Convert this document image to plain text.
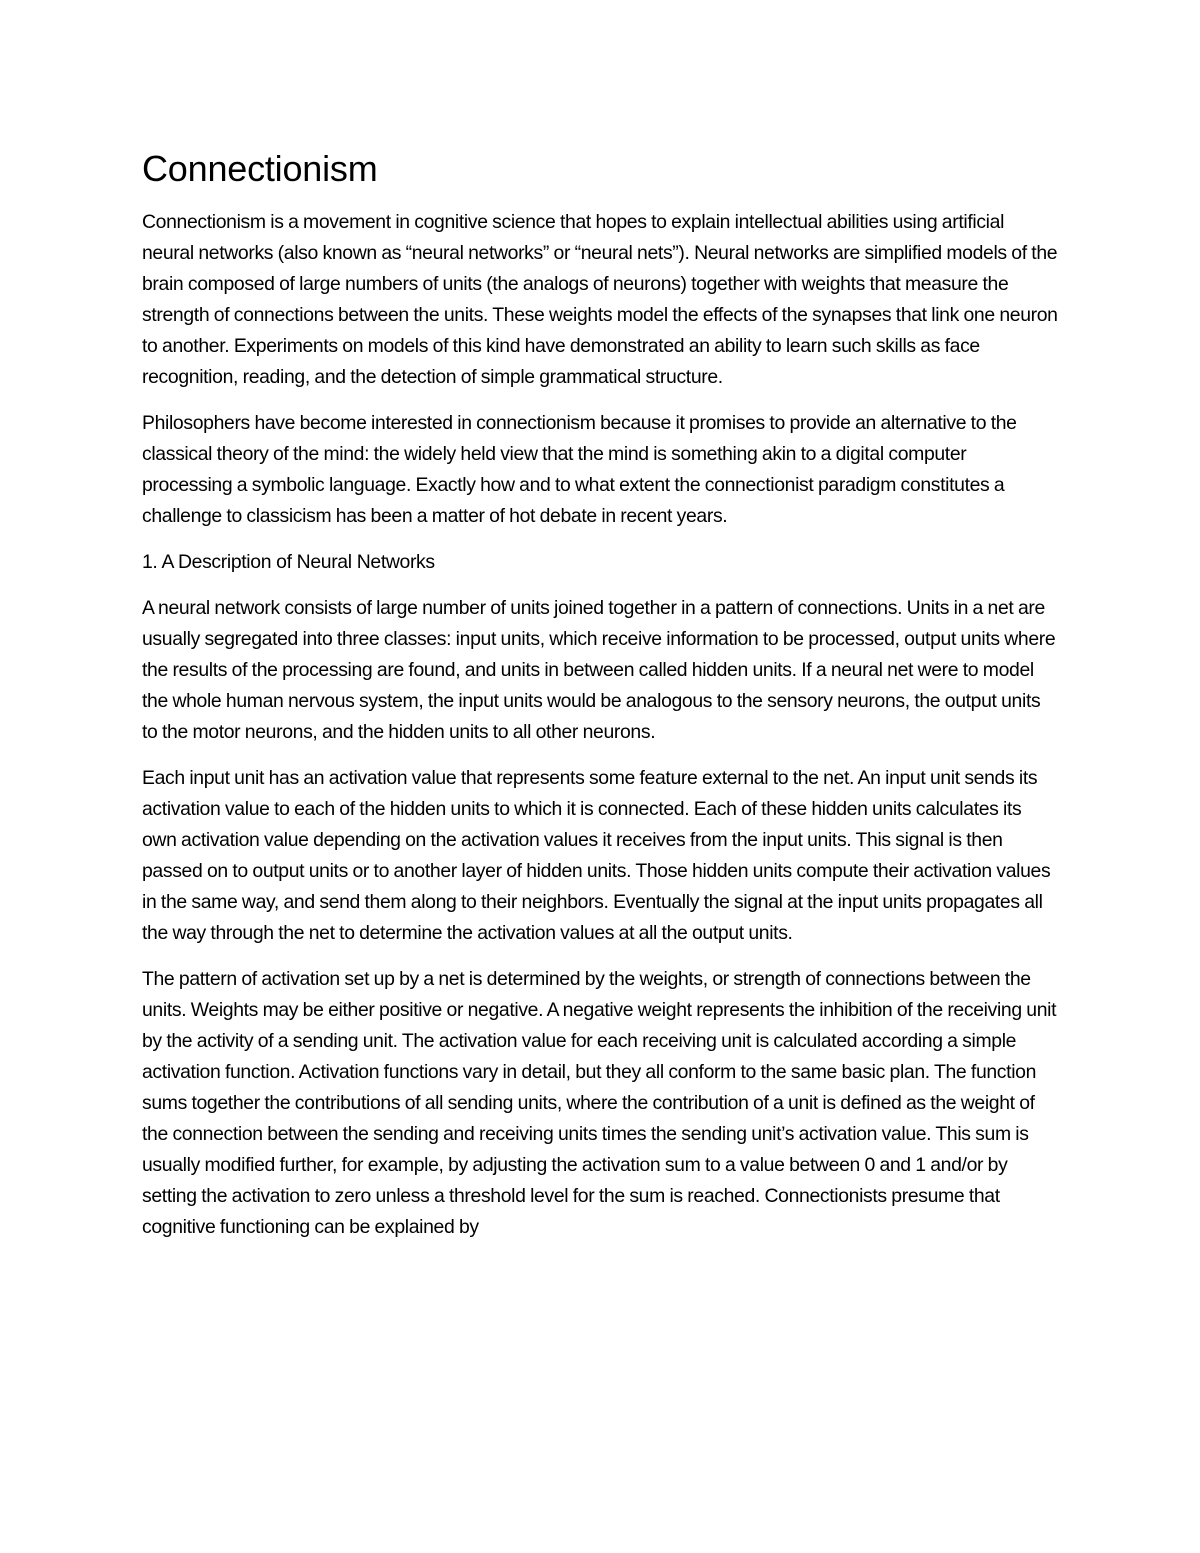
Connectionism

Connectionism is a movement in cognitive science that hopes to explain intellectual abilities using artificial neural networks (also known as “neural networks” or “neural nets”). Neural networks are simplified models of the brain composed of large numbers of units (the analogs of neurons) together with weights that measure the strength of connections between the units. These weights model the effects of the synapses that link one neuron to another. Experiments on models of this kind have demonstrated an ability to learn such skills as face recognition, reading, and the detection of simple grammatical structure.

Philosophers have become interested in connectionism because it promises to provide an alternative to the classical theory of the mind: the widely held view that the mind is something akin to a digital computer processing a symbolic language. Exactly how and to what extent the connectionist paradigm constitutes a challenge to classicism has been a matter of hot debate in recent years.

1. A Description of Neural Networks

A neural network consists of large number of units joined together in a pattern of connections. Units in a net are usually segregated into three classes: input units, which receive information to be processed, output units where the results of the processing are found, and units in between called hidden units. If a neural net were to model the whole human nervous system, the input units would be analogous to the sensory neurons, the output units to the motor neurons, and the hidden units to all other neurons.

Each input unit has an activation value that represents some feature external to the net. An input unit sends its activation value to each of the hidden units to which it is connected. Each of these hidden units calculates its own activation value depending on the activation values it receives from the input units. This signal is then passed on to output units or to another layer of hidden units. Those hidden units compute their activation values in the same way, and send them along to their neighbors. Eventually the signal at the input units propagates all the way through the net to determine the activation values at all the output units.

The pattern of activation set up by a net is determined by the weights, or strength of connections between the units. Weights may be either positive or negative. A negative weight represents the inhibition of the receiving unit by the activity of a sending unit. The activation value for each receiving unit is calculated according a simple activation function. Activation functions vary in detail, but they all conform to the same basic plan. The function sums together the contributions of all sending units, where the contribution of a unit is defined as the weight of the connection between the sending and receiving units times the sending unit’s activation value. This sum is usually modified further, for example, by adjusting the activation sum to a value between 0 and 1 and/or by setting the activation to zero unless a threshold level for the sum is reached. Connectionists presume that cognitive functioning can be explained by
